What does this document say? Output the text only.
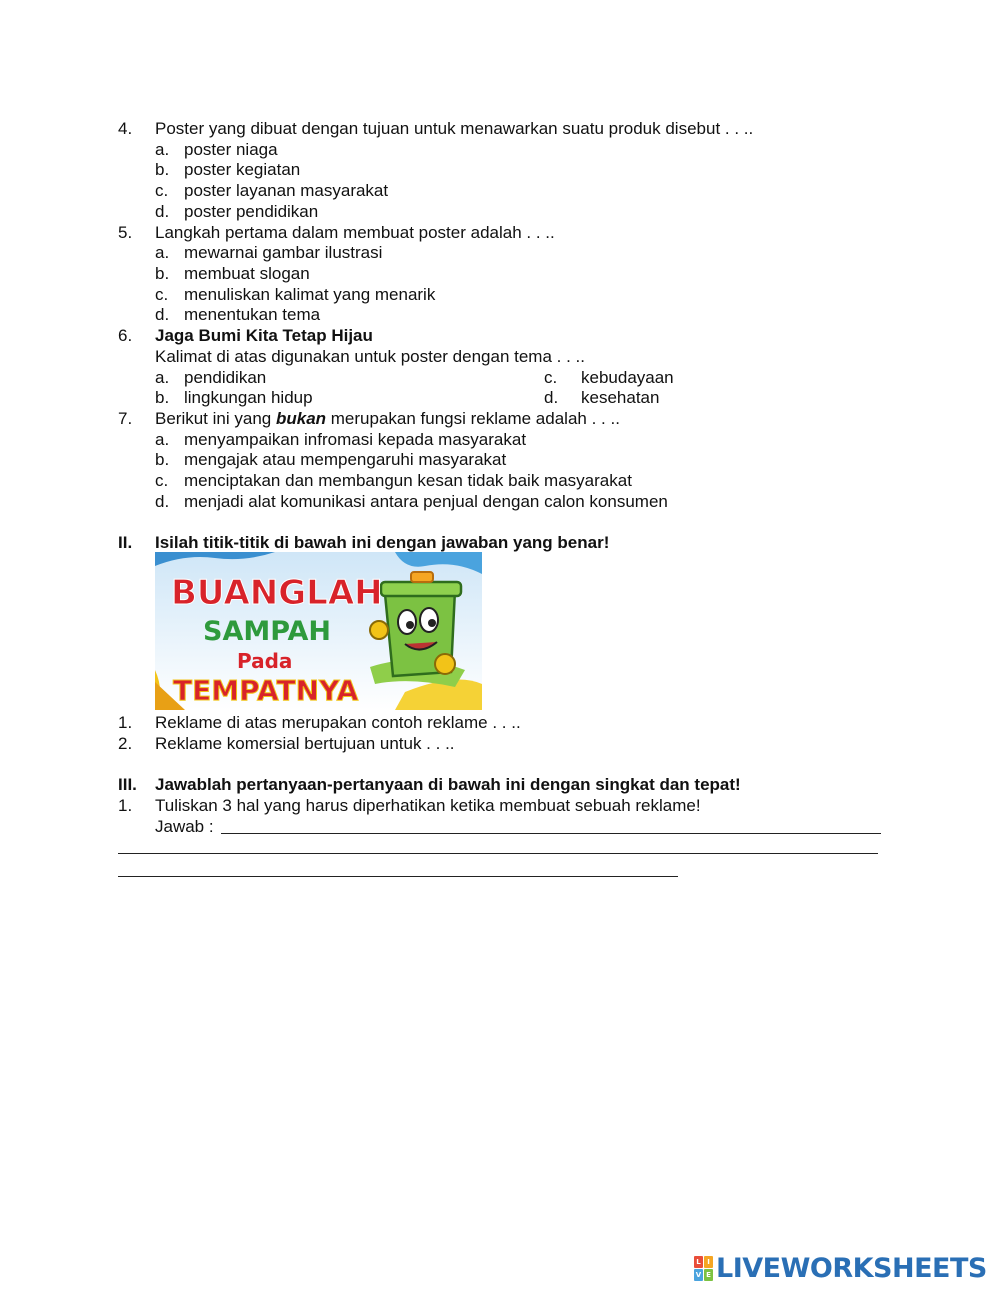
4. Poster yang dibuat dengan tujuan untuk menawarkan suatu produk disebut . . ..
a. poster niaga
b. poster kegiatan
c. poster layanan masyarakat
d. poster pendidikan
5. Langkah pertama dalam membuat poster adalah . . ..
a. mewarnai gambar ilustrasi
b. membuat slogan
c. menuliskan kalimat yang menarik
d. menentukan tema
6. Jaga Bumi Kita Tetap Hijau
Kalimat di atas digunakan untuk poster dengan tema . . ..
a. pendidikan	c. kebudayaan
b. lingkungan hidup	d. kesehatan
7. Berikut ini yang bukan merupakan fungsi reklame adalah . . ..
a. menyampaikan infromasi kepada masyarakat
b. mengajak atau mempengaruhi masyarakat
c. menciptakan dan membangun kesan tidak baik masyarakat
d. menjadi alat komunikasi antara penjual dengan calon konsumen
II. Isilah titik-titik di bawah ini dengan jawaban yang benar!
BUANGLAH
SAMPAH
Pada
TEMPATNYA
1. Reklame di atas merupakan contoh reklame . . ..
2. Reklame komersial bertujuan untuk . . ..
III. Jawablah pertanyaan-pertanyaan di bawah ini dengan singkat dan tepat!
1. Tuliskan 3 hal yang harus diperhatikan ketika membuat sebuah reklame!
Jawab :
L I
V E LIVEWORKSHEETS
